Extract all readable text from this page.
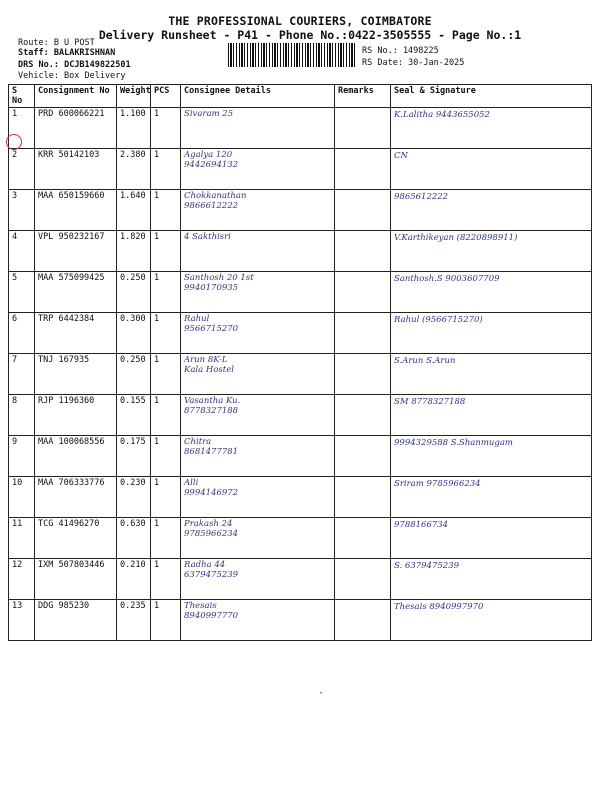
THE PROFESSIONAL COURIERS, COIMBATORE
Delivery Runsheet - P41 - Phone No.:0422-3505555 - Page No.:1
Route: B U POST
Staff: BALAKRISHNAN
DRS No.: DCJB149822501
Vehicle: Box Delivery
RS No.: 1498225
RS Date: 30-Jan-2025
S No	Consignment No	Weight	PCS	Consignee Details	Remarks	Seal & Signature
1	PRD 600066221	1.100	1	Sivaram 25		K.Lalitha 9443655052
2	KRR 50142103	2.380	1	Agalya 120
9442694132		CN
3	MAA 650159660	1.640	1	Chokkanathan
9866612222		9865612222
4	VPL 950232167	1.820	1	4 Sakthisri		V.Karthikeyan (8220898911)
5	MAA 575099425	0.250	1	Santhosh 20 1st
9940170935		Santhosh.S 9003607709
6	TRP 6442384	0.300	1	Rahul
9566715270		Rahul (9566715270)
7	TNJ 167935	0.250	1	Arun 8K-L
Kala Hostel		S.Arun S.Arun
8	RJP 1196360	0.155	1	Vasantha Ku.
8778327188		SM 8778327188
9	MAA 100068556	0.175	1	Chitra
8681477781		9994329588 S.Shanmugam
10	MAA 706333776	0.230	1	Alli
9994146972		Sriram 9785966234
11	TCG 41496270	0.630	1	Prakash 24
9785966234		9788166734
12	IXM 507803446	0.210	1	Radha 44
6379475239		S. 6379475239
13	DDG 985230	0.235	1	Thesais
8940997770		Thesais 8940997970
·
